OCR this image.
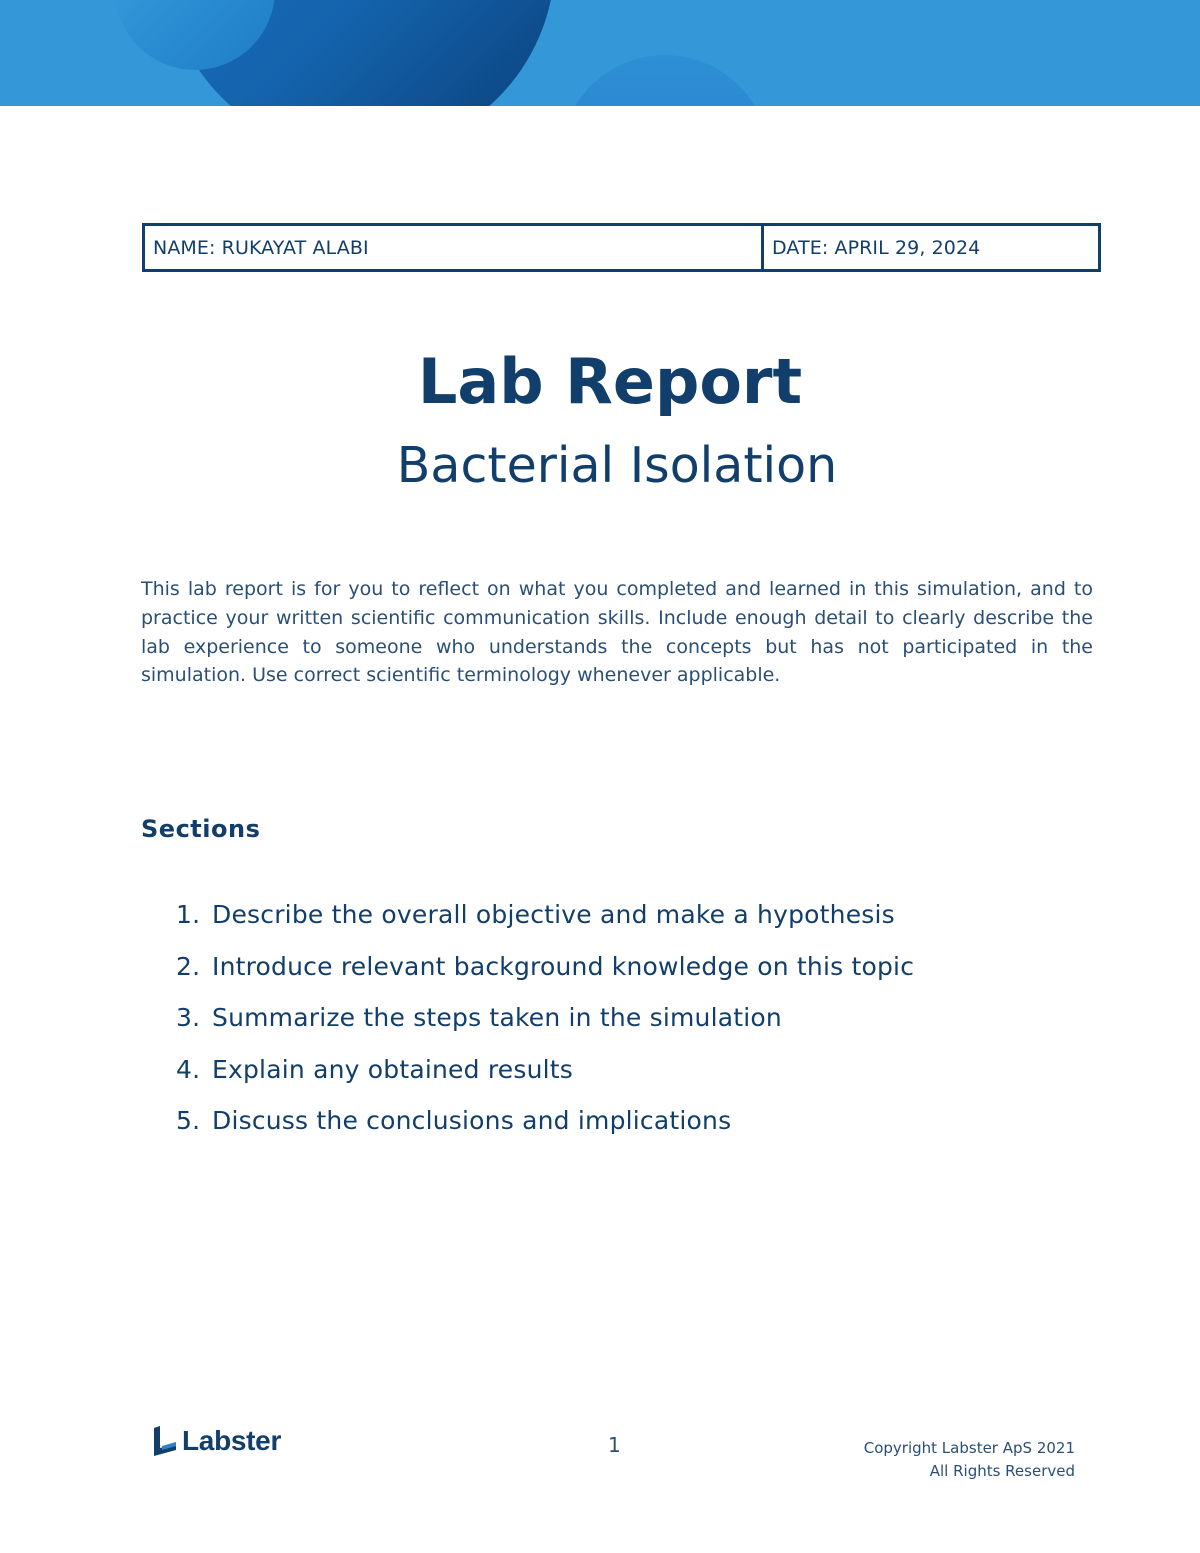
NAME: RUKAYAT ALABI	DATE: APRIL 29, 2024
Lab Report
Bacterial Isolation

This lab report is for you to reflect on what you completed and learned in this simulation, and to practice your written scientific communication skills. Include enough detail to clearly describe the lab experience to someone who understands the concepts but has not participated in the simulation. Use correct scientific terminology whenever applicable.

Sections
1. Describe the overall objective and make a hypothesis
2. Introduce relevant background knowledge on this topic
3. Summarize the steps taken in the simulation
4. Explain any obtained results
5. Discuss the conclusions and implications
Labster	1	Copyright Labster ApS 2021
All Rights Reserved
